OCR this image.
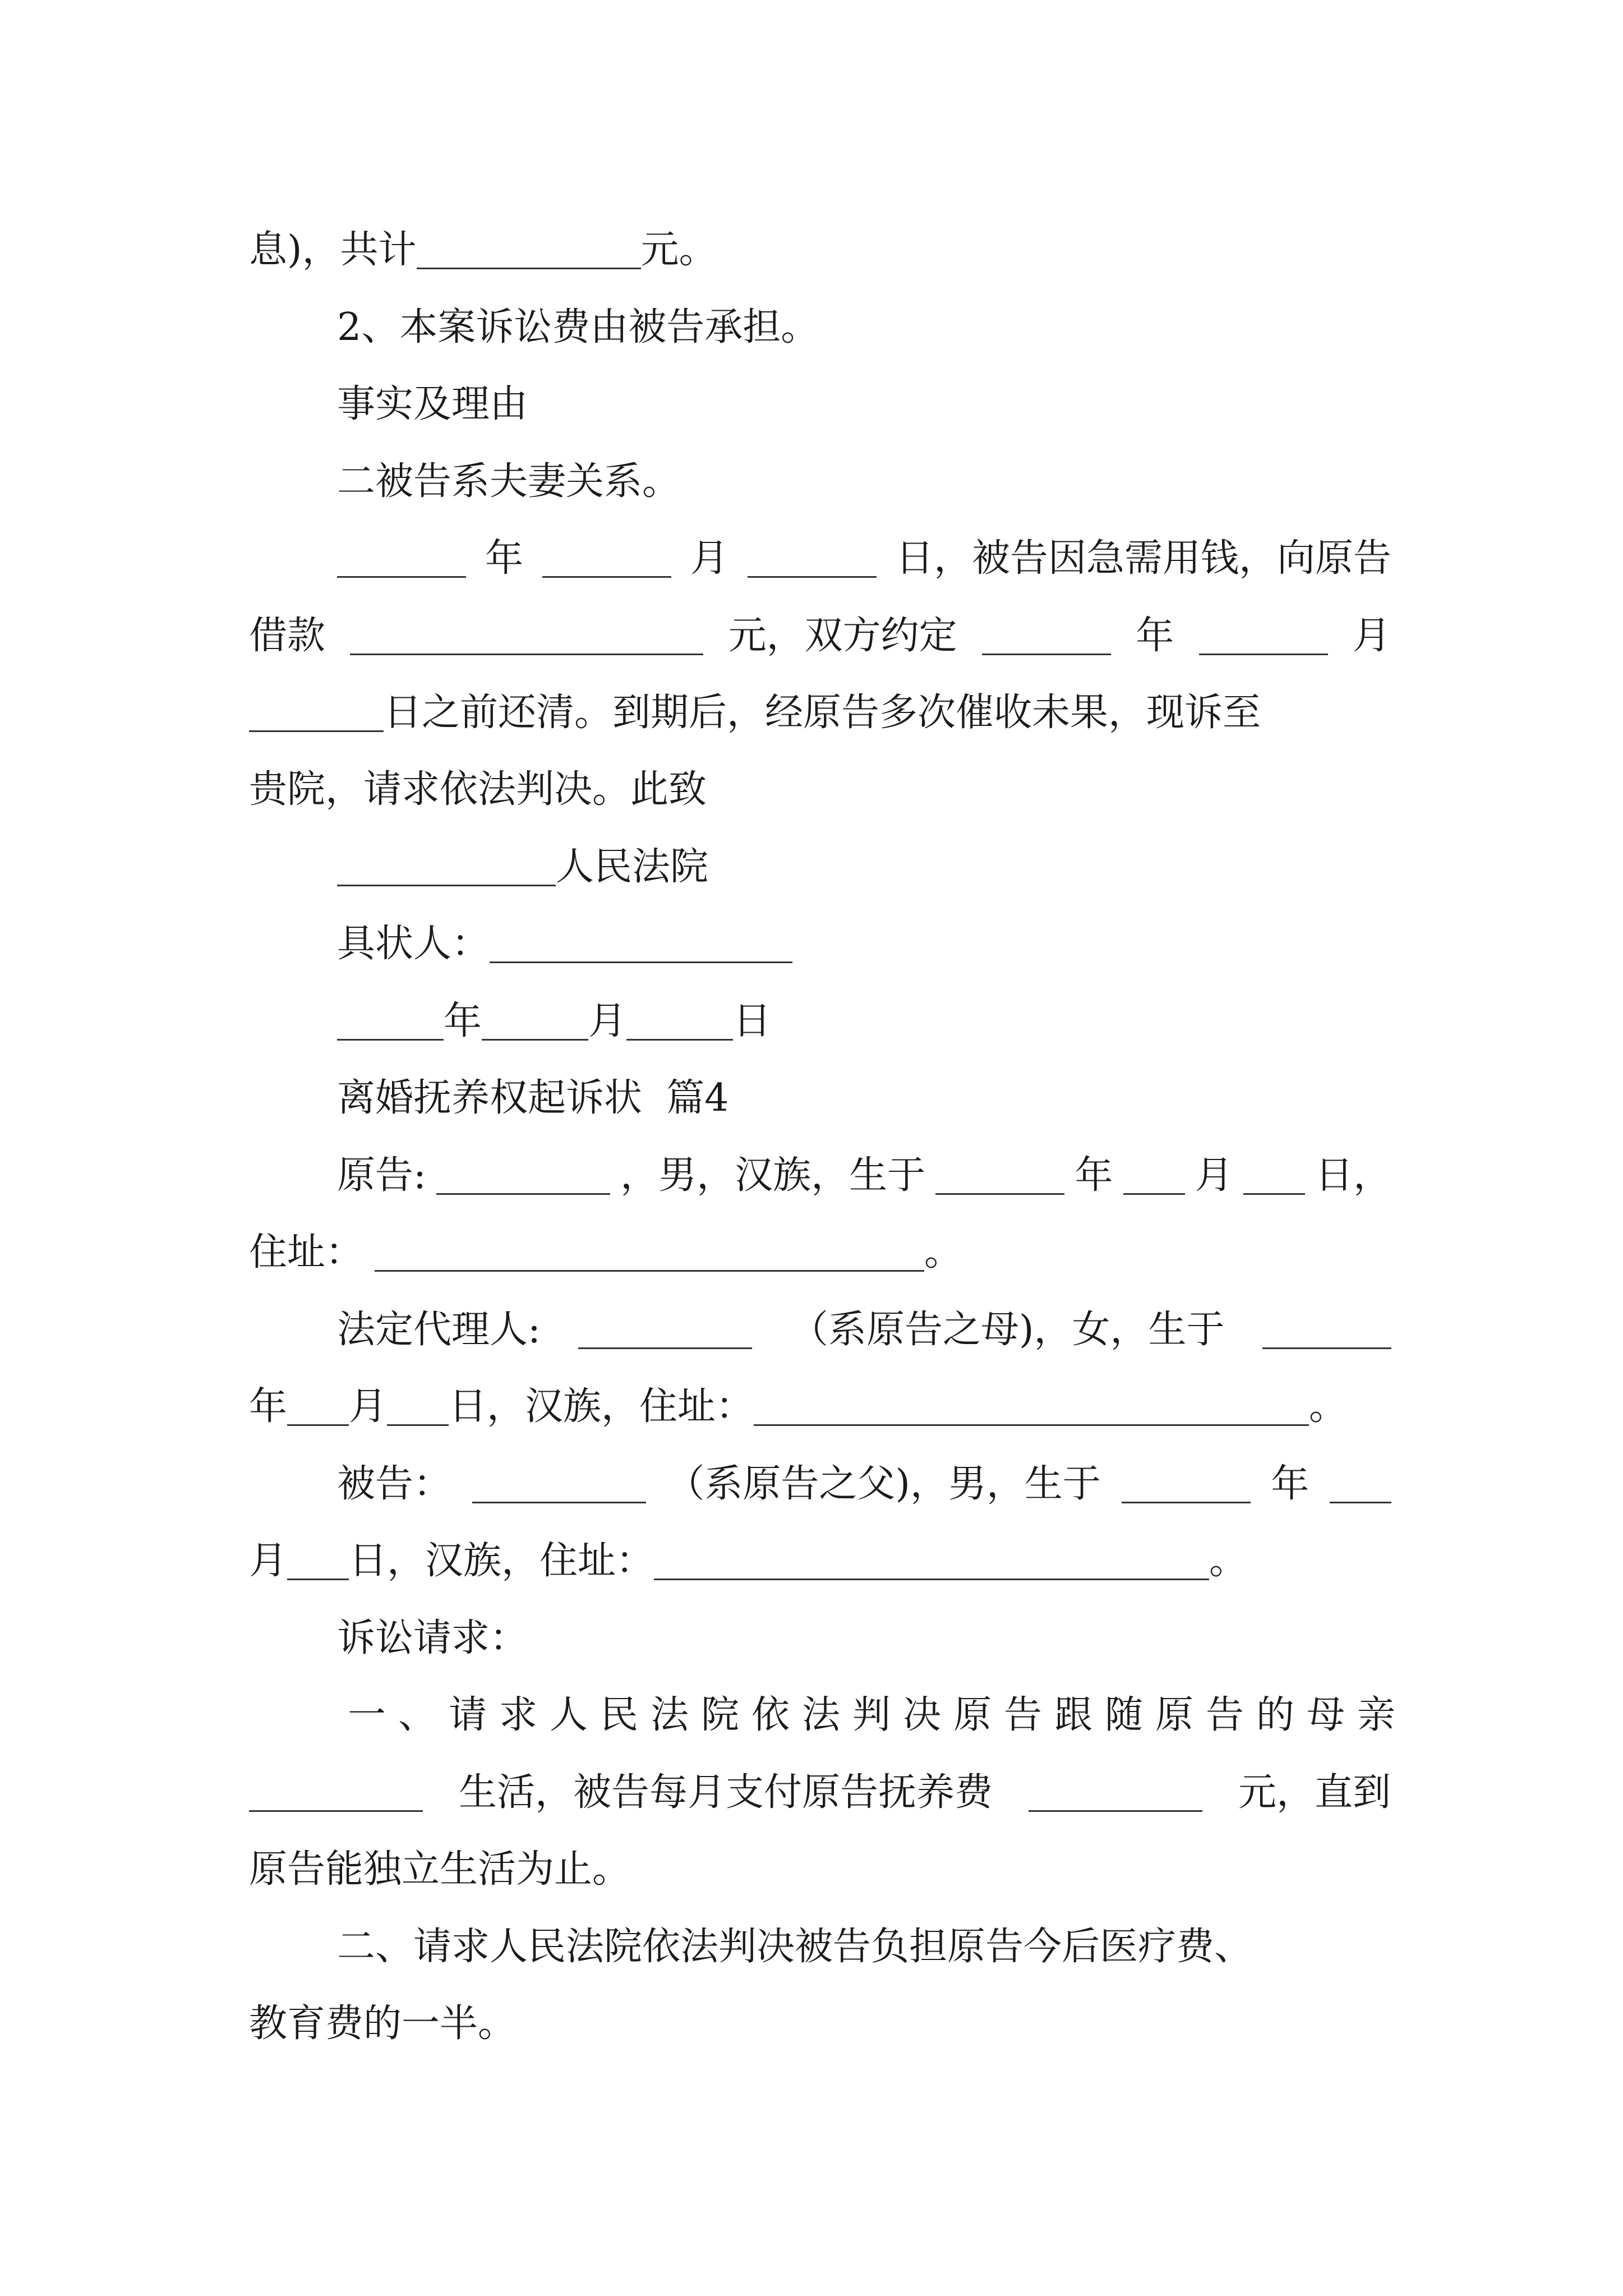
息)，共计	元。
2、本案诉讼费由被告承担。
事实及理由
二被告系夫妻关系。
年	月	日，被告因急需用钱，向原告
借款	元，双方约定	年	月
日之前还清。到期后，经原告多次催收未果，现诉至
贵院，请求依法判决。此致
人民法院
具状人：
年	月	日
离婚抚养权起诉状  篇4
原告:	，男，汉族，生于	年 月 日，
住址：	。
法定代理人:	（系原告之母)，女，生于
年 月 日，汉族，住址：	。
被告：	（系原告之父)，男，生于	年
月 日，汉族，住址：	。
诉讼请求：
一、请求人民法院依法判决原告跟随原告的母亲
生活，被告每月支付原告抚养费	元，直到
原告能独立生活为止。
二、请求人民法院依法判决被告负担原告今后医疗费、
教育费的一半。
